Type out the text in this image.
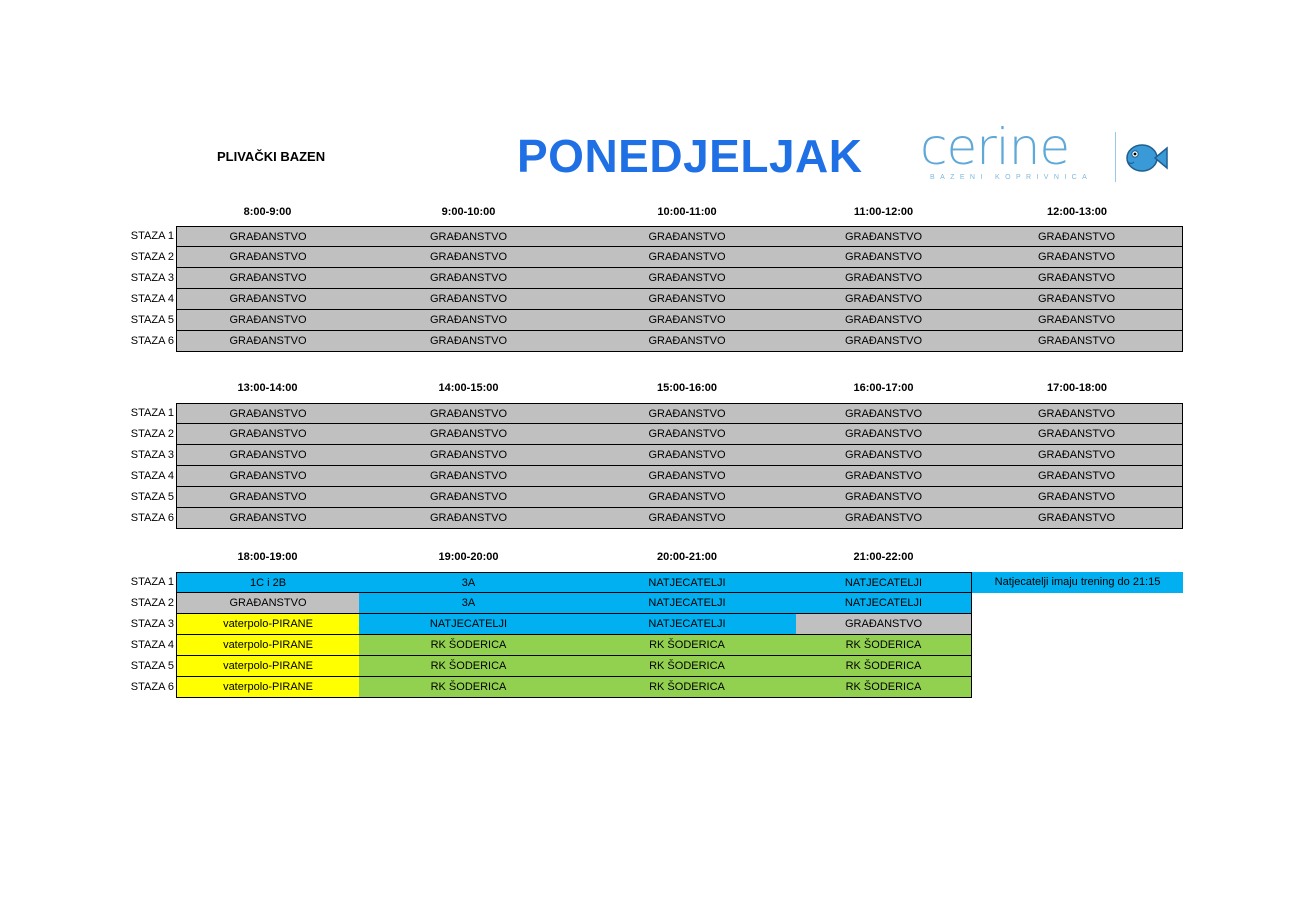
PLIVAČKI BAZEN	PONEDJELJAK cerine
BAZENI KOPRIVNICA
8:00-9:00	9:00-10:00	10:00-11:00	11:00-12:00	12:00-13:00
STAZA 1	GRAĐANSTVO	GRAĐANSTVO	GRAĐANSTVO	GRAĐANSTVO	GRAĐANSTVO
STAZA 2	GRAĐANSTVO	GRAĐANSTVO	GRAĐANSTVO	GRAĐANSTVO	GRAĐANSTVO
STAZA 3	GRAĐANSTVO	GRAĐANSTVO	GRAĐANSTVO	GRAĐANSTVO	GRAĐANSTVO
STAZA 4	GRAĐANSTVO	GRAĐANSTVO	GRAĐANSTVO	GRAĐANSTVO	GRAĐANSTVO
STAZA 5	GRAĐANSTVO	GRAĐANSTVO	GRAĐANSTVO	GRAĐANSTVO	GRAĐANSTVO
STAZA 6	GRAĐANSTVO	GRAĐANSTVO	GRAĐANSTVO	GRAĐANSTVO	GRAĐANSTVO
13:00-14:00	14:00-15:00	15:00-16:00	16:00-17:00	17:00-18:00
STAZA 1	GRAĐANSTVO	GRAĐANSTVO	GRAĐANSTVO	GRAĐANSTVO	GRAĐANSTVO
STAZA 2	GRAĐANSTVO	GRAĐANSTVO	GRAĐANSTVO	GRAĐANSTVO	GRAĐANSTVO
STAZA 3	GRAĐANSTVO	GRAĐANSTVO	GRAĐANSTVO	GRAĐANSTVO	GRAĐANSTVO
STAZA 4	GRAĐANSTVO	GRAĐANSTVO	GRAĐANSTVO	GRAĐANSTVO	GRAĐANSTVO
STAZA 5	GRAĐANSTVO	GRAĐANSTVO	GRAĐANSTVO	GRAĐANSTVO	GRAĐANSTVO
STAZA 6	GRAĐANSTVO	GRAĐANSTVO	GRAĐANSTVO	GRAĐANSTVO	GRAĐANSTVO
18:00-19:00	19:00-20:00	20:00-21:00	21:00-22:00
STAZA 1	1C i 2B	3A	NATJECATELJI	NATJECATELJI	Natjecatelji imaju trening do 21:15
STAZA 2	GRAĐANSTVO	3A	NATJECATELJI	NATJECATELJI
STAZA 3	vaterpolo-PIRANE	NATJECATELJI	NATJECATELJI	GRAĐANSTVO
STAZA 4	vaterpolo-PIRANE	RK ŠODERICA	RK ŠODERICA	RK ŠODERICA
STAZA 5	vaterpolo-PIRANE	RK ŠODERICA	RK ŠODERICA	RK ŠODERICA
STAZA 6	vaterpolo-PIRANE	RK ŠODERICA	RK ŠODERICA	RK ŠODERICA
